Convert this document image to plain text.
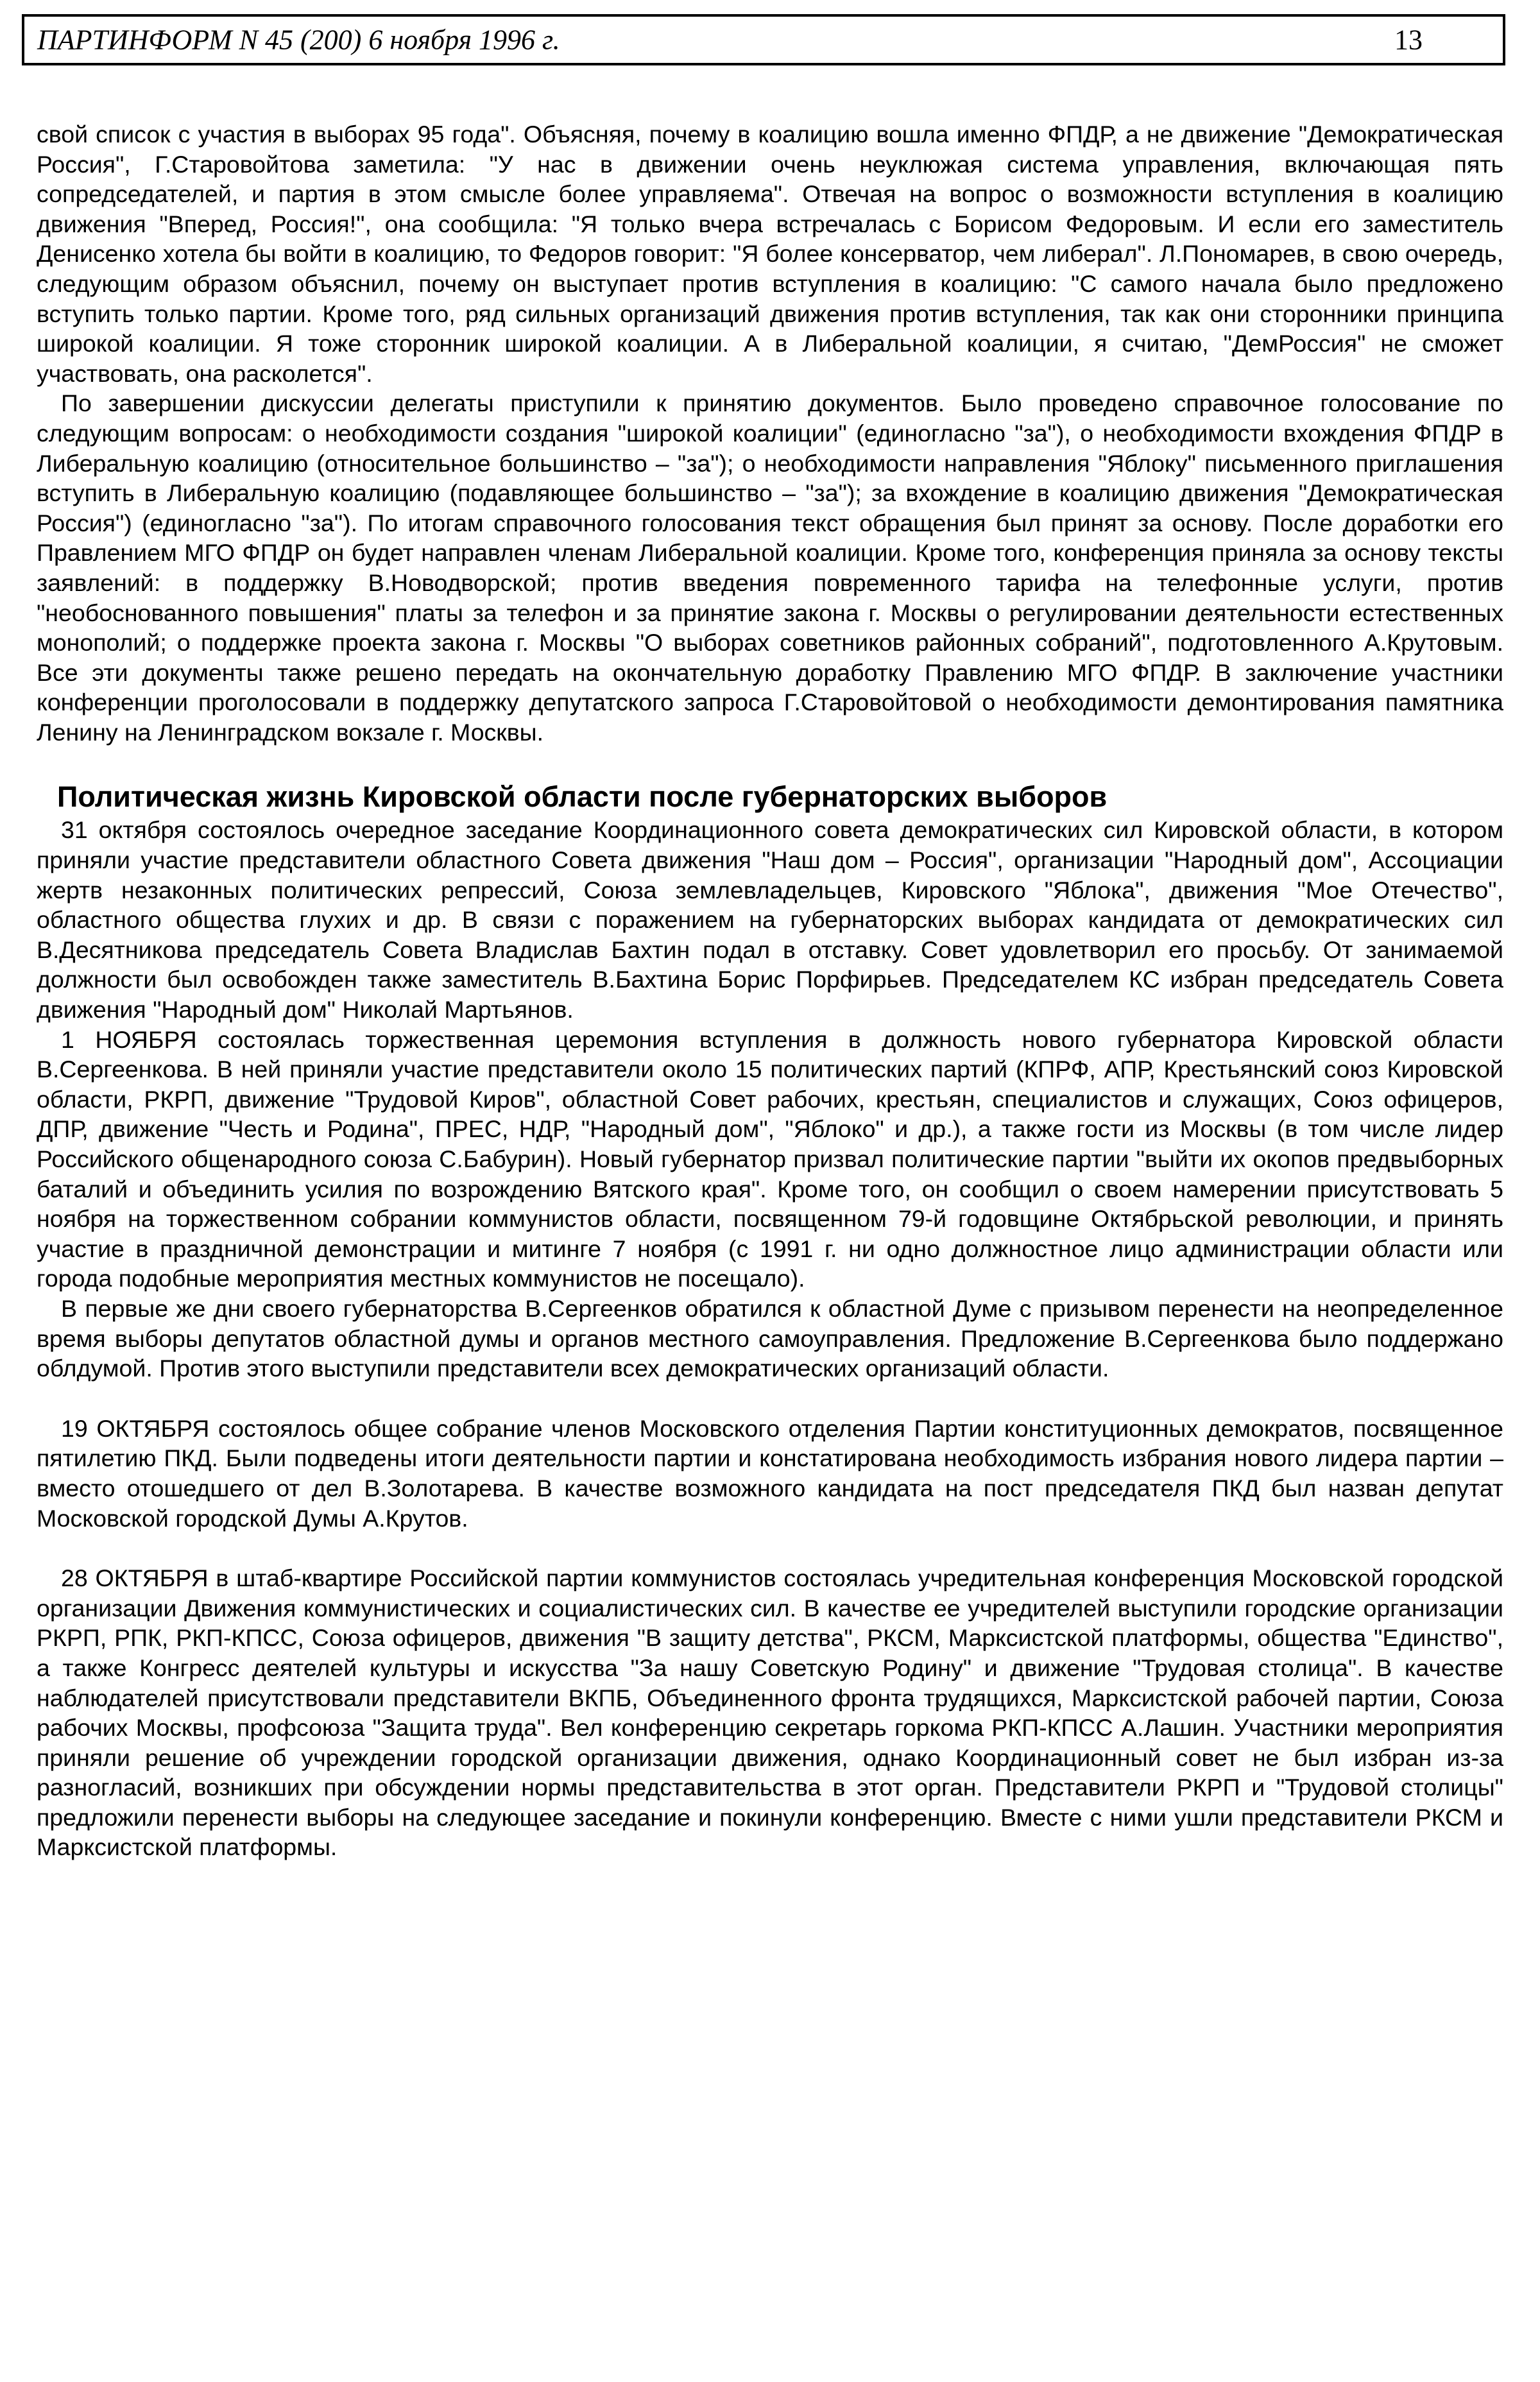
ПАРТИНФОРМ N 45 (200) 6 ноября 1996 г.	13

свой список с участия в выборах 95 года". Объясняя, почему в коалицию вошла именно ФПДР, а не движение "Демократическая Россия", Г.Старовойтова заметила: "У нас в движении очень неуклюжая система управления, включающая пять сопредседателей, и партия в этом смысле более управляема". Отвечая на вопрос о возможности вступления в коалицию движения "Вперед, Россия!", она сообщила: "Я только вчера встречалась с Борисом Федоровым. И если его заместитель Денисенко хотела бы войти в коалицию, то Федоров говорит: "Я более консерватор, чем либерал". Л.Пономарев, в свою очередь, следующим образом объяснил, почему он выступает против вступления в коалицию: "С самого начала было предложено вступить только партии. Кроме того, ряд сильных организаций движения против вступления, так как они сторонники принципа широкой коалиции. Я тоже сторонник широкой коалиции. А в Либеральной коалиции, я считаю, "ДемРоссия" не сможет участвовать, она расколется".

По завершении дискуссии делегаты приступили к принятию документов. Было проведено справочное голосование по следующим вопросам: о необходимости создания "широкой коалиции" (единогласно "за"), о необходимости вхождения ФПДР в Либеральную коалицию (относительное большинство – "за"); о необходимости направления "Яблоку" письменного приглашения вступить в Либеральную коалицию (подавляющее большинство – "за"); за вхождение в коалицию движения "Демократическая Россия") (единогласно "за"). По итогам справочного голосования текст обращения был принят за основу. После доработки его Правлением МГО ФПДР он будет направлен членам Либеральной коалиции. Кроме того, конференция приняла за основу тексты заявлений: в поддержку В.Новодворской; против введения повременного тарифа на телефонные услуги, против "необоснованного повышения" платы за телефон и за принятие закона г. Москвы о регулировании деятельности естественных монополий; о поддержке проекта закона г. Москвы "О выборах советников районных собраний", подготовленного А.Крутовым. Все эти документы также решено передать на окончательную доработку Правлению МГО ФПДР. В заключение участники конференции проголосовали в поддержку депутатского запроса Г.Старовойтовой о необходимости демонтирования памятника Ленину на Ленинградском вокзале г. Москвы.

Политическая жизнь Кировской области после губернаторских выборов

31 октября состоялось очередное заседание Координационного совета демократических сил Кировской области, в котором приняли участие представители областного Совета движения "Наш дом – Россия", организации "Народный дом", Ассоциации жертв незаконных политических репрессий, Союза землевладельцев, Кировского "Яблока", движения "Мое Отечество", областного общества глухих и др. В связи с поражением на губернаторских выборах кандидата от демократических сил В.Десятникова председатель Совета Владислав Бахтин подал в отставку. Совет удовлетворил его просьбу. От занимаемой должности был освобожден также заместитель В.Бахтина Борис Порфирьев. Председателем КС избран председатель Совета движения "Народный дом" Николай Мартьянов.

1 НОЯБРЯ состоялась торжественная церемония вступления в должность нового губернатора Кировской области В.Сергеенкова. В ней приняли участие представители около 15 политических партий (КПРФ, АПР, Крестьянский союз Кировской области, РКРП, движение "Трудовой Киров", областной Совет рабочих, крестьян, специалистов и служащих, Союз офицеров, ДПР, движение "Честь и Родина", ПРЕС, НДР, "Народный дом", "Яблоко" и др.), а также гости из Москвы (в том числе лидер Российского общенародного союза С.Бабурин). Новый губернатор призвал политические партии "выйти их окопов предвыборных баталий и объединить усилия по возрождению Вятского края". Кроме того, он сообщил о своем намерении присутствовать 5 ноября на торжественном собрании коммунистов области, посвященном 79-й годовщине Октябрьской революции, и принять участие в праздничной демонстрации и митинге 7 ноября (с 1991 г. ни одно должностное лицо администрации области или города подобные мероприятия местных коммунистов не посещало).

В первые же дни своего губернаторства В.Сергеенков обратился к областной Думе с призывом перенести на неопределенное время выборы депутатов областной думы и органов местного самоуправления. Предложение В.Сергеенкова было поддержано облдумой. Против этого выступили представители всех демократических организаций области.

19 ОКТЯБРЯ состоялось общее собрание членов Московского отделения Партии конституционных демократов, посвященное пятилетию ПКД. Были подведены итоги деятельности партии и констатирована необходимость избрания нового лидера партии – вместо отошедшего от дел В.Золотарева. В качестве возможного кандидата на пост председателя ПКД был назван депутат Московской городской Думы А.Крутов.

28 ОКТЯБРЯ в штаб-квартире Российской партии коммунистов состоялась учредительная конференция Московской городской организации Движения коммунистических и социалистических сил. В качестве ее учредителей выступили городские организации РКРП, РПК, РКП-КПСС, Союза офицеров, движения "В защиту детства", РКСМ, Марксистской платформы, общества "Единство", а также Конгресс деятелей культуры и искусства "За нашу Советскую Родину" и движение "Трудовая столица". В качестве наблюдателей присутствовали представители ВКПБ, Объединенного фронта трудящихся, Марксистской рабочей партии, Союза рабочих Москвы, профсоюза "Защита труда". Вел конференцию секретарь горкома РКП-КПСС А.Лашин. Участники мероприятия приняли решение об учреждении городской организации движения, однако Координационный совет не был избран из-за разногласий, возникших при обсуждении нормы представительства в этот орган. Представители РКРП и "Трудовой столицы" предложили перенести выборы на следующее заседание и покинули конференцию. Вместе с ними ушли представители РКСМ и Марксистской платформы.
